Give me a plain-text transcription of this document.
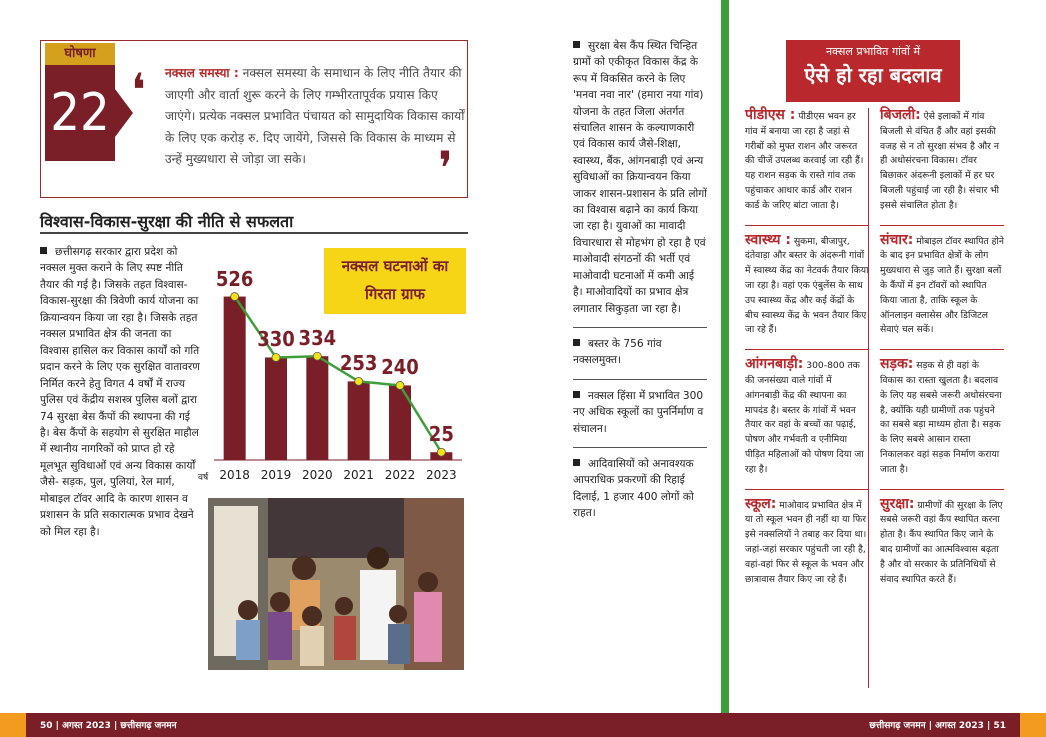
घोषणा
22 ❛ नक्सल समस्या : नक्सल समस्या के समाधान के लिए नीति तैयार की जाएगी और वार्ता शुरू करने के लिए गम्भीरतापूर्वक प्रयास किए जाएंगे। प्रत्येक नक्सल प्रभावित पंचायत को सामुदायिक विकास कार्यों के लिए एक करोड़ रु. दिए जायेंगे, जिससे कि विकास के माध्यम से उन्हें मुख्यधारा से जोड़ा जा सके।	❜
विश्वास-विकास-सुरक्षा की नीति से सफलता
छत्तीसगढ़ सरकार द्वारा प्रदेश को नक्सल मुक्त कराने के लिए स्पष्ट नीति तैयार की गई है। जिसके तहत विश्वास-विकास-सुरक्षा की त्रिवेणी कार्य योजना का क्रियान्वयन किया जा रहा है। जिसके तहत नक्सल प्रभावित क्षेत्र की जनता का विश्वास हासिल कर विकास कार्यों को गति प्रदान करने के लिए एक सुरक्षित वातावरण निर्मित करने हेतु विगत 4 वर्षों में राज्य पुलिस एवं केंद्रीय सशस्त्र पुलिस बलों द्वारा 74 सुरक्षा बेस कैंपों की स्थापना की गई है। बेस कैंपों के सहयोग से सुरक्षित माहौल में स्थानीय नागरिकों को प्राप्त हो रहे मूलभूत सुविधाओं एवं अन्य विकास कार्यों जैसे- सड़क, पुल, पुलियां, रेल मार्ग, मोबाइल टॉवर आदि के कारण शासन व प्रशासन के प्रति सकारात्मक प्रभाव देखने को मिल रहा है।
नक्सल घटनाओं का गिरता ग्राफ
526
2018
330
2019
334
2020
253
2021
240
2022
25
2023
वर्ष
सुरक्षा बेस कैंप स्थित चिन्हित ग्रामों को एकीकृत विकास केंद्र के रूप में विकसित करने के लिए 'मनवा नवा नार' (हमारा नया गांव) योजना के तहत जिला अंतर्गत संचालित शासन के कल्याणकारी एवं विकास कार्य जैसे-शिक्षा, स्वास्थ्य, बैंक, आंगनबाड़ी एवं अन्य सुविधाओं का क्रियान्वयन किया जाकर शासन-प्रशासन के प्रति लोगों का विश्वास बढ़ाने का कार्य किया जा रहा है। युवाओं का मावादी विचारधारा से मोहभंग हो रहा है एवं माओवादी संगठनों की भर्ती एवं माओवादी घटनाओं में कमी आई है। माओवादियों का प्रभाव क्षेत्र लगातार सिकुड़ता जा रहा है।
बस्तर के 756 गांव नक्सलमुक्त।
नक्सल हिंसा में प्रभावित 300 नए अधिक स्कूलों का पुनर्निर्माण व संचालन।
आदिवासियों को अनावश्यक आपराधिक प्रकरणों की रिहाई दिलाई, 1 हजार 400 लोगों को राहत।
नक्सल प्रभावित गांवों में
ऐसे हो रहा बदलाव
पीडीएस : पीडीएस भवन हर गांव में बनाया जा रहा है जहां से गरीबों को मुफ्त राशन और जरूरत की चीजें उपलब्ध करवाई जा रही हैं। यह राशन सड़क के रास्ते गांव तक पहुंचाकर आधार कार्ड और राशन कार्ड के जरिए बांटा जाता है।
स्वास्थ्य : सुकमा, बीजापुर, दंतेवाड़ा और बस्तर के अंदरूनी गांवों में स्वास्थ्य केंद्र का नेटवर्क तैयार किया जा रहा है। वहां एक एंबुलेंस के साथ उप स्वास्थ्य केंद्र और कई केंद्रों के बीच स्वास्थ्य केंद्र के भवन तैयार किए जा रहे हैं।
आंगनबाड़ी: 300-800 तक की जनसंख्या वाले गांवों में आंगनबाड़ी केंद्र की स्थापना का मापदंड है। बस्तर के गांवों में भवन तैयार कर वहां के बच्चों का पढ़ाई, पोषण और गर्भवती व एनीमिया पीड़ित महिलाओं को पोषण दिया जा रहा है।
स्कूल: माओवाद प्रभावित क्षेत्र में या तो स्कूल भवन ही नहीं था या फिर इसे नक्सलियों ने तबाह कर दिया था। जहां-जहां सरकार पहुंचती जा रही है, वहां-वहां फिर से स्कूल के भवन और छात्रावास तैयार किए जा रहे हैं।
बिजली: ऐसे इलाकों में गांव बिजली से वंचित हैं और वहां इसकी वजह से न तो सुरक्षा संभव है और न ही अधोसंरचना विकास। टॉवर बिछाकर अंदरूनी इलाकों में हर घर बिजली पहुंचाई जा रही है। संचार भी इससे संचालित होता है।
संचार: मोबाइल टॉवर स्थापित होने के बाद इन प्रभावित क्षेत्रों के लोग मुख्यधारा से जुड़ जाते हैं। सुरक्षा बलों के कैंपों में इन टॉवरों को स्थापित किया जाता है, ताकि स्कूल के ऑनलाइन क्लासेस और डिजिटल सेवाएं चल सकें।
सड़क: सड़क से ही वहां के विकास का रास्ता खुलता है। बदलाव के लिए यह सबसे जरूरी अधोसंरचना है, क्योंकि यही ग्रामीणों तक पहुंचने का सबसे बड़ा माध्यम होता है। सड़क के लिए सबसे आसान रास्ता निकालकर वहां सड़क निर्माण कराया जाता है।
सुरक्षा: ग्रामीणों की सुरक्षा के लिए सबसे जरूरी वहां कैंप स्थापित करना होता है। कैंप स्थापित किए जाने के बाद ग्रामीणों का आत्मविश्वास बढ़ता है और वो सरकार के प्रतिनिधियों से संवाद स्थापित करते हैं।
50 | अगस्त 2023 | छत्तीसगढ़ जनमन	छत्तीसगढ़ जनमन | अगस्त 2023 | 51
